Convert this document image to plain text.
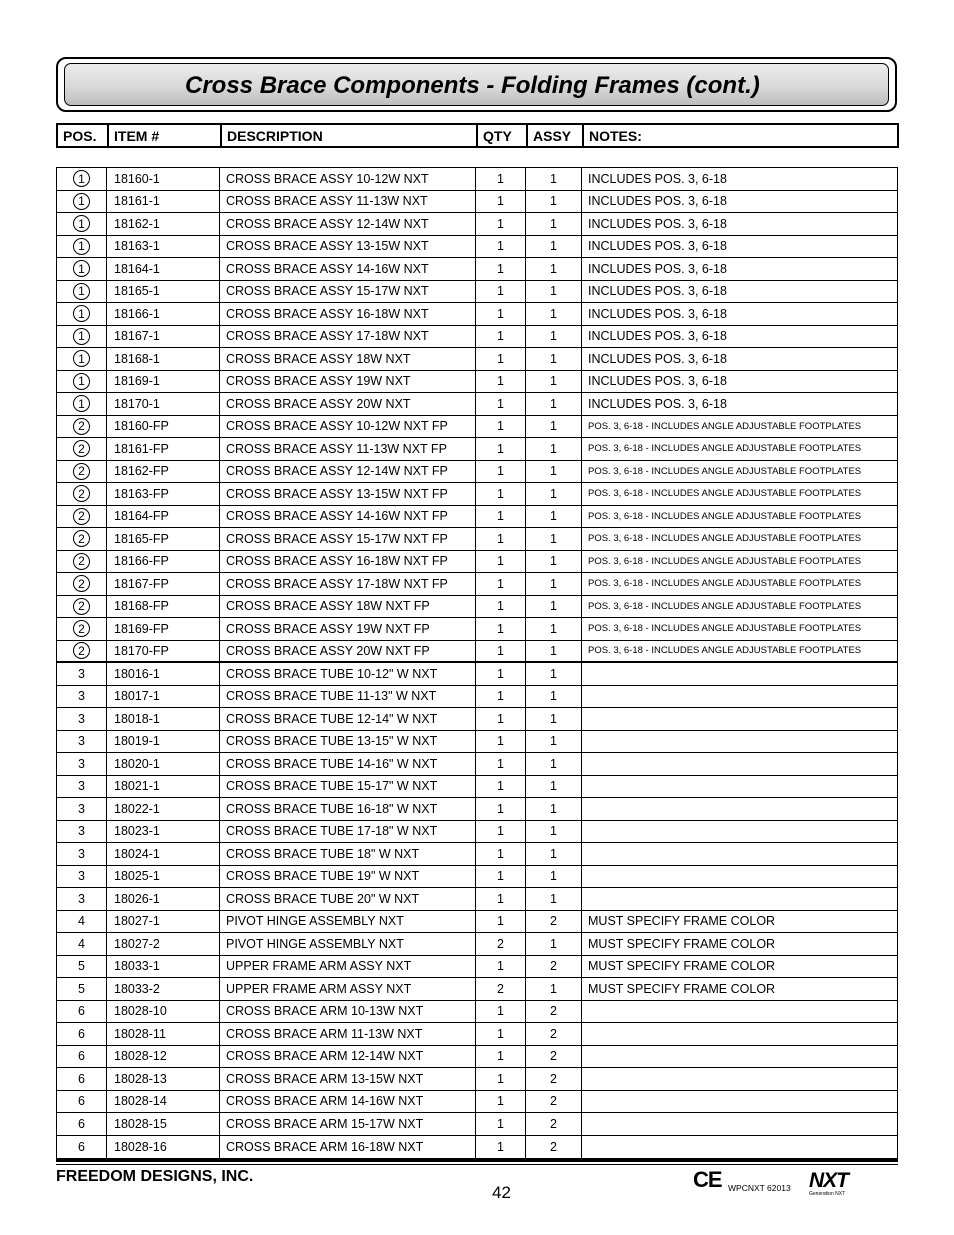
Cross Brace Components - Folding Frames (cont.)
POS.	ITEM #	DESCRIPTION	QTY	ASSY	NOTES:
1	18160-1	CROSS BRACE ASSY 10-12W NXT	1	1	INCLUDES POS. 3, 6-18
1	18161-1	CROSS BRACE ASSY 11-13W NXT	1	1	INCLUDES POS. 3, 6-18
1	18162-1	CROSS BRACE ASSY 12-14W NXT	1	1	INCLUDES POS. 3, 6-18
1	18163-1	CROSS BRACE ASSY 13-15W NXT	1	1	INCLUDES POS. 3, 6-18
1	18164-1	CROSS BRACE ASSY 14-16W NXT	1	1	INCLUDES POS. 3, 6-18
1	18165-1	CROSS BRACE ASSY 15-17W NXT	1	1	INCLUDES POS. 3, 6-18
1	18166-1	CROSS BRACE ASSY 16-18W NXT	1	1	INCLUDES POS. 3, 6-18
1	18167-1	CROSS BRACE ASSY 17-18W NXT	1	1	INCLUDES POS. 3, 6-18
1	18168-1	CROSS BRACE ASSY 18W NXT	1	1	INCLUDES POS. 3, 6-18
1	18169-1	CROSS BRACE ASSY 19W NXT	1	1	INCLUDES POS. 3, 6-18
1	18170-1	CROSS BRACE ASSY 20W NXT	1	1	INCLUDES POS. 3, 6-18
2	18160-FP	CROSS BRACE ASSY 10-12W NXT FP	1	1	POS. 3, 6-18 - INCLUDES ANGLE ADJUSTABLE FOOTPLATES
2	18161-FP	CROSS BRACE ASSY 11-13W NXT FP	1	1	POS. 3, 6-18 - INCLUDES ANGLE ADJUSTABLE FOOTPLATES
2	18162-FP	CROSS BRACE ASSY 12-14W NXT FP	1	1	POS. 3, 6-18 - INCLUDES ANGLE ADJUSTABLE FOOTPLATES
2	18163-FP	CROSS BRACE ASSY 13-15W NXT FP	1	1	POS. 3, 6-18 - INCLUDES ANGLE ADJUSTABLE FOOTPLATES
2	18164-FP	CROSS BRACE ASSY 14-16W NXT FP	1	1	POS. 3, 6-18 - INCLUDES ANGLE ADJUSTABLE FOOTPLATES
2	18165-FP	CROSS BRACE ASSY 15-17W NXT FP	1	1	POS. 3, 6-18 - INCLUDES ANGLE ADJUSTABLE FOOTPLATES
2	18166-FP	CROSS BRACE ASSY 16-18W NXT FP	1	1	POS. 3, 6-18 - INCLUDES ANGLE ADJUSTABLE FOOTPLATES
2	18167-FP	CROSS BRACE ASSY 17-18W NXT FP	1	1	POS. 3, 6-18 - INCLUDES ANGLE ADJUSTABLE FOOTPLATES
2	18168-FP	CROSS BRACE ASSY 18W NXT FP	1	1	POS. 3, 6-18 - INCLUDES ANGLE ADJUSTABLE FOOTPLATES
2	18169-FP	CROSS BRACE ASSY 19W NXT FP	1	1	POS. 3, 6-18 - INCLUDES ANGLE ADJUSTABLE FOOTPLATES
2	18170-FP	CROSS BRACE ASSY 20W NXT FP	1	1	POS. 3, 6-18 - INCLUDES ANGLE ADJUSTABLE FOOTPLATES
3	18016-1	CROSS BRACE TUBE 10-12" W NXT	1	1
3	18017-1	CROSS BRACE TUBE 11-13" W NXT	1	1
3	18018-1	CROSS BRACE TUBE 12-14" W NXT	1	1
3	18019-1	CROSS BRACE TUBE 13-15" W NXT	1	1
3	18020-1	CROSS BRACE TUBE 14-16" W NXT	1	1
3	18021-1	CROSS BRACE TUBE 15-17" W NXT	1	1
3	18022-1	CROSS BRACE TUBE 16-18" W NXT	1	1
3	18023-1	CROSS BRACE TUBE 17-18" W NXT	1	1
3	18024-1	CROSS BRACE TUBE 18" W NXT	1	1
3	18025-1	CROSS BRACE TUBE 19" W NXT	1	1
3	18026-1	CROSS BRACE TUBE 20" W NXT	1	1
4	18027-1	PIVOT HINGE ASSEMBLY NXT	1	2	MUST SPECIFY FRAME COLOR
4	18027-2	PIVOT HINGE ASSEMBLY NXT	2	1	MUST SPECIFY FRAME COLOR
5	18033-1	UPPER FRAME ARM ASSY NXT	1	2	MUST SPECIFY FRAME COLOR
5	18033-2	UPPER FRAME ARM ASSY NXT	2	1	MUST SPECIFY FRAME COLOR
6	18028-10	CROSS BRACE ARM 10-13W NXT	1	2
6	18028-11	CROSS BRACE ARM 11-13W NXT	1	2
6	18028-12	CROSS BRACE ARM 12-14W NXT	1	2
6	18028-13	CROSS BRACE ARM 13-15W NXT	1	2
6	18028-14	CROSS BRACE ARM 14-16W NXT	1	2
6	18028-15	CROSS BRACE ARM 15-17W NXT	1	2
6	18028-16	CROSS BRACE ARM 16-18W NXT	1	2
FREEDOM DESIGNS, INC.
42
CE WPCNXT 62013 NXT
Generation NXT
